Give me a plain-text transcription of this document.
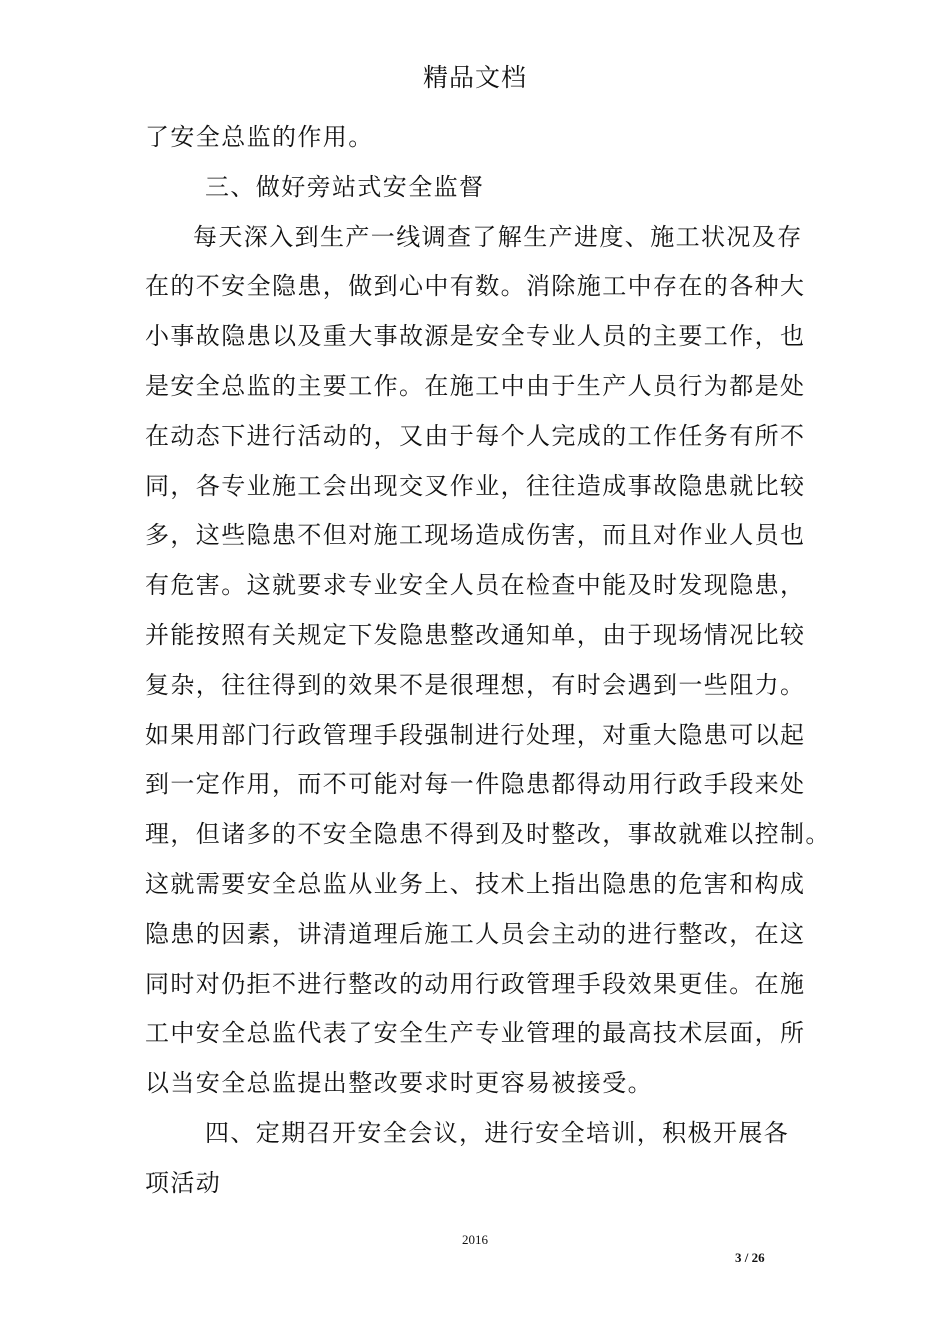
精品文档
了安全总监的作用。
三、做好旁站式安全监督
每天深入到生产一线调查了解生产进度、施工状况及存
在的不安全隐患，做到心中有数。消除施工中存在的各种大
小事故隐患以及重大事故源是安全专业人员的主要工作，也
是安全总监的主要工作。在施工中由于生产人员行为都是处
在动态下进行活动的，又由于每个人完成的工作任务有所不
同，各专业施工会出现交叉作业，往往造成事故隐患就比较
多，这些隐患不但对施工现场造成伤害，而且对作业人员也
有危害。这就要求专业安全人员在检查中能及时发现隐患，
并能按照有关规定下发隐患整改通知单，由于现场情况比较
复杂，往往得到的效果不是很理想，有时会遇到一些阻力。
如果用部门行政管理手段强制进行处理，对重大隐患可以起
到一定作用，而不可能对每一件隐患都得动用行政手段来处
理，但诸多的不安全隐患不得到及时整改，事故就难以控制。
这就需要安全总监从业务上、技术上指出隐患的危害和构成
隐患的因素，讲清道理后施工人员会主动的进行整改，在这
同时对仍拒不进行整改的动用行政管理手段效果更佳。在施
工中安全总监代表了安全生产专业管理的最高技术层面，所
以当安全总监提出整改要求时更容易被接受。
四、定期召开安全会议，进行安全培训，积极开展各
项活动
2016
3 / 26
